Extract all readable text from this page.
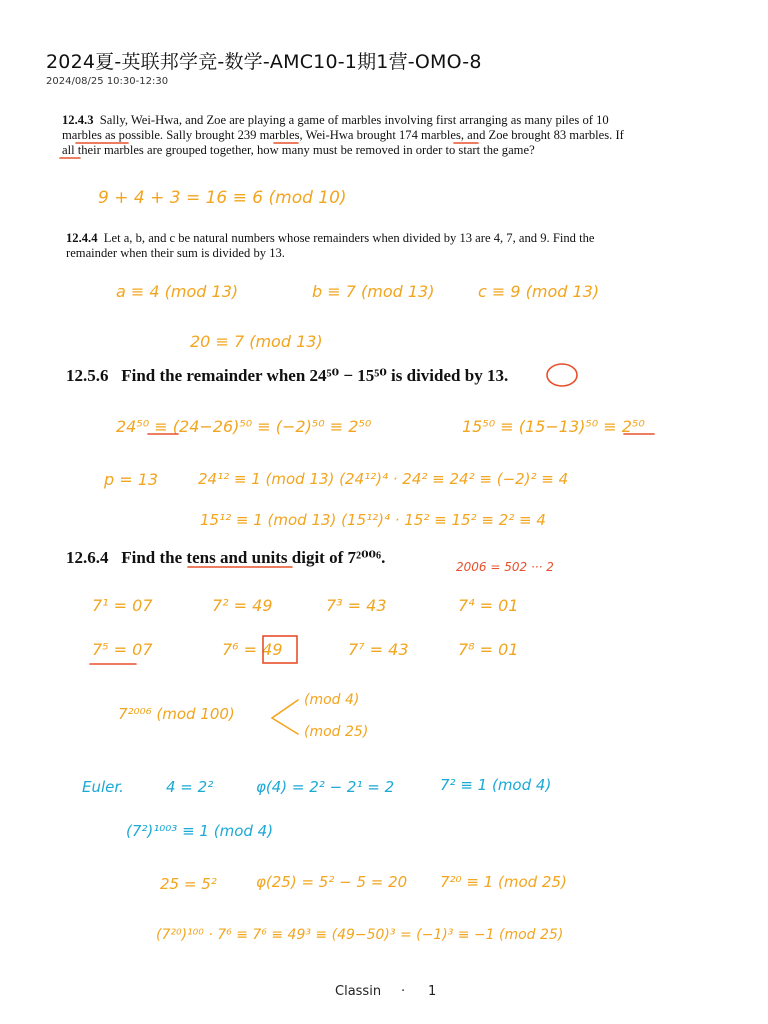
2024夏-英联邦学竞-数学-AMC10-1期1营-OMO-8
2024/08/25 10:30-12:30
12.4.3 Sally, Wei-Hwa, and Zoe are playing a game of marbles involving first arranging as many piles of 10 marbles as possible. Sally brought 239 marbles, Wei-Hwa brought 174 marbles, and Zoe brought 83 marbles. If all their marbles are grouped together, how many must be removed in order to start the game?
12.4.4 Let a, b, and c be natural numbers whose remainders when divided by 13 are 4, 7, and 9. Find the remainder when their sum is divided by 13.
12.5.6 Find the remainder when 24⁵⁰ − 15⁵⁰ is divided by 13.
12.6.4 Find the tens and units digit of 7²⁰⁰⁶.
9 + 4 + 3 = 16 ≡ 6 (mod 10)
a ≡ 4 (mod 13)	b ≡ 7 (mod 13)	c ≡ 9 (mod 13)
20 ≡ 7 (mod 13)
24⁵⁰ ≡ (24−26)⁵⁰ ≡ (−2)⁵⁰ ≡ 2⁵⁰	15⁵⁰ ≡ (15−13)⁵⁰ ≡ 2⁵⁰
p = 13	24¹² ≡ 1 (mod 13) (24¹²)⁴ · 24² ≡ 24² ≡ (−2)² ≡ 4
15¹² ≡ 1 (mod 13) (15¹²)⁴ · 15² ≡ 15² ≡ 2² ≡ 4
2006 = 502 ··· 2
7¹ = 07	7² = 49	7³ = 43	7⁴ = 01
7⁵ = 07	7⁶ = 49	7⁷ = 43	7⁸ = 01
7²⁰⁰⁶ (mod 100)
(mod 4)
(mod 25)
Euler.	4 = 2²	φ(4) = 2² − 2¹ = 2	7² ≡ 1 (mod 4)
(7²)¹⁰⁰³ ≡ 1 (mod 4)
25 = 5²	φ(25) = 5² − 5 = 20 7²⁰ ≡ 1 (mod 25)
(7²⁰)¹⁰⁰ · 7⁶ ≡ 7⁶ ≡ 49³ ≡ (49−50)³ = (−1)³ ≡ −1 (mod 25)
Classin · 1
